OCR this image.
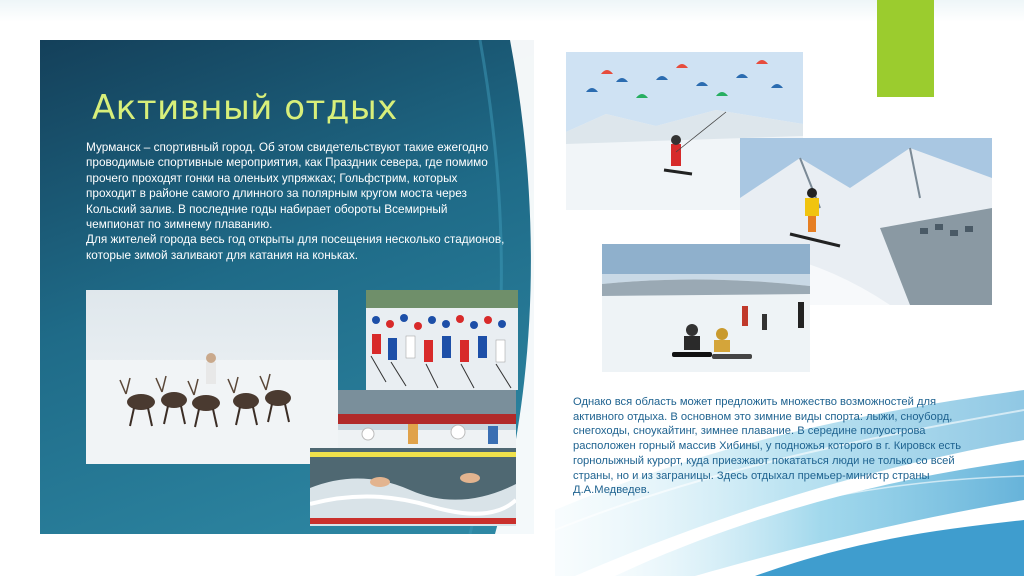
Активный отдых

Мурманск – спортивный город. Об этом свидетельствуют такие ежегодно проводимые спортивные мероприятия, как Праздник севера, где помимо прочего проходят гонки на оленьих упряжках; Гольфстрим, которых проходит в районе самого длинного за полярным кругом моста через Кольский залив. В последние годы набирает обороты Всемирный чемпионат по зимнему плаванию.

Для жителей города весь год открыты для посещения несколько стадионов, которые зимой заливают для катания на коньках.

Однако вся область может предложить множество возможностей для активного отдыха. В основном это зимние виды спорта: лыжи, сноуборд, снегоходы, сноукайтинг, зимнее плавание. В середине полуострова расположен горный массив Хибины, у подножья которого в г. Кировск есть горнолыжный курорт, куда приезжают покататься люди не только со всей страны, но и из заграницы. Здесь отдыхал премьер-министр страны Д.А.Медведев.
